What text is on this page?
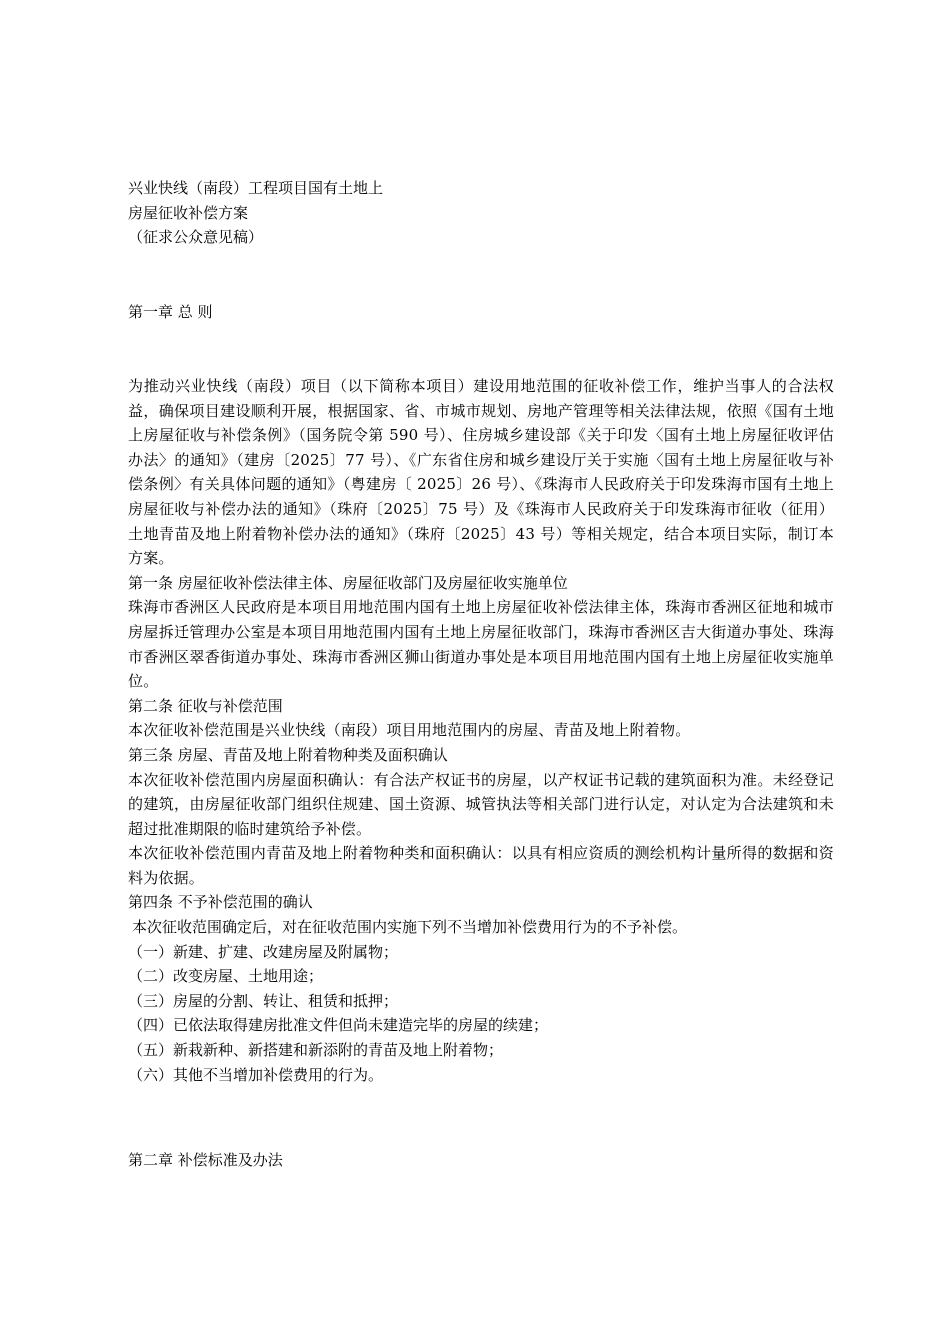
兴业快线（南段）工程项目国有土地上
房屋征收补偿方案
（征求公众意见稿）
第一章 总 则
为推动兴业快线（南段）项目（以下简称本项目）建设用地范围的征收补偿工作，维护当事人的合法权益，确保项目建设顺利开展，根据国家、省、市城市规划、房地产管理等相关法律法规，依照《国有土地上房屋征收与补偿条例》（国务院令第 590 号）、住房城乡建设部《关于印发〈国有土地上房屋征收评估办法〉的通知》（建房〔2025〕77 号）、《广东省住房和城乡建设厅关于实施〈国有土地上房屋征收与补偿条例〉有关具体问题的通知》（粤建房〔 2025〕26 号）、《珠海市人民政府关于印发珠海市国有土地上房屋征收与补偿办法的通知》（珠府〔2025〕75 号）及《珠海市人民政府关于印发珠海市征收（征用）土地青苗及地上附着物补偿办法的通知》（珠府〔2025〕43 号）等相关规定，结合本项目实际，制订本方案。
第一条 房屋征收补偿法律主体、房屋征收部门及房屋征收实施单位
珠海市香洲区人民政府是本项目用地范围内国有土地上房屋征收补偿法律主体，珠海市香洲区征地和城市房屋拆迁管理办公室是本项目用地范围内国有土地上房屋征收部门，珠海市香洲区吉大街道办事处、珠海市香洲区翠香街道办事处、珠海市香洲区狮山街道办事处是本项目用地范围内国有土地上房屋征收实施单位。
第二条 征收与补偿范围
本次征收补偿范围是兴业快线（南段）项目用地范围内的房屋、青苗及地上附着物。
第三条 房屋、青苗及地上附着物种类及面积确认
本次征收补偿范围内房屋面积确认：有合法产权证书的房屋，以产权证书记载的建筑面积为准。未经登记的建筑，由房屋征收部门组织住规建、国土资源、城管执法等相关部门进行认定，对认定为合法建筑和未超过批准期限的临时建筑给予补偿。
本次征收补偿范围内青苗及地上附着物种类和面积确认：以具有相应资质的测绘机构计量所得的数据和资料为依据。
第四条 不予补偿范围的确认
本次征收范围确定后，对在征收范围内实施下列不当增加补偿费用行为的不予补偿。
（一）新建、扩建、改建房屋及附属物；
（二）改变房屋、土地用途；
（三）房屋的分割、转让、租赁和抵押；
（四）已依法取得建房批准文件但尚未建造完毕的房屋的续建；
（五）新栽新种、新搭建和新添附的青苗及地上附着物；
（六）其他不当增加补偿费用的行为。
第二章 补偿标准及办法
